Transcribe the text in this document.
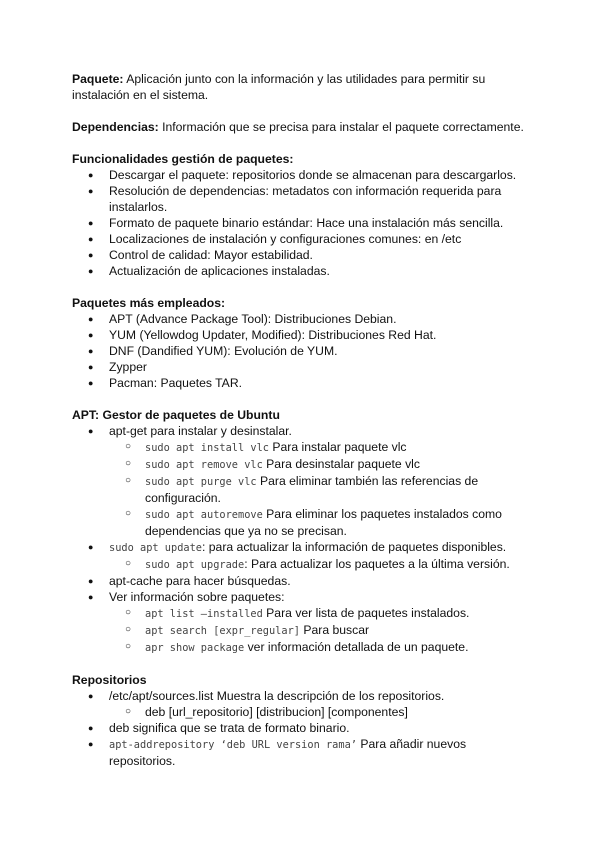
Paquete: Aplicación junto con la información y las utilidades para permitir su instalación en el sistema.

Dependencias: Información que se precisa para instalar el paquete correctamente.

Funcionalidades gestión de paquetes:

● Descargar el paquete: repositorios donde se almacenan para descargarlos.
● Resolución de dependencias: metadatos con información requerida para instalarlos.
● Formato de paquete binario estándar: Hace una instalación más sencilla.
● Localizaciones de instalación y configuraciones comunes: en /etc
● Control de calidad: Mayor estabilidad.
● Actualización de aplicaciones instaladas.

Paquetes más empleados:

● APT (Advance Package Tool): Distribuciones Debian.
● YUM (Yellowdog Updater, Modified): Distribuciones Red Hat.
● DNF (Dandified YUM): Evolución de YUM.
● Zypper
● Pacman: Paquetes TAR.

APT: Gestor de paquetes de Ubuntu

● apt-get para instalar y desinstalar.
○ sudo apt install vlc Para instalar paquete vlc
○ sudo apt remove vlc Para desinstalar paquete vlc
○ sudo apt purge vlc Para eliminar también las referencias de configuración.
○ sudo apt autoremove Para eliminar los paquetes instalados como dependencias que ya no se precisan.
● sudo apt update: para actualizar la información de paquetes disponibles.
○ sudo apt upgrade: Para actualizar los paquetes a la última versión.
● apt-cache para hacer búsquedas.
● Ver información sobre paquetes:
○ apt list –installed Para ver lista de paquetes instalados.
○ apt search [expr_regular] Para buscar
○ apr show package ver información detallada de un paquete.

Repositorios

● /etc/apt/sources.list Muestra la descripción de los repositorios.
○ deb [url_repositorio] [distribucion] [componentes]
● deb significa que se trata de formato binario.
● apt-addrepository ‘deb URL version rama’ Para añadir nuevos repositorios.
